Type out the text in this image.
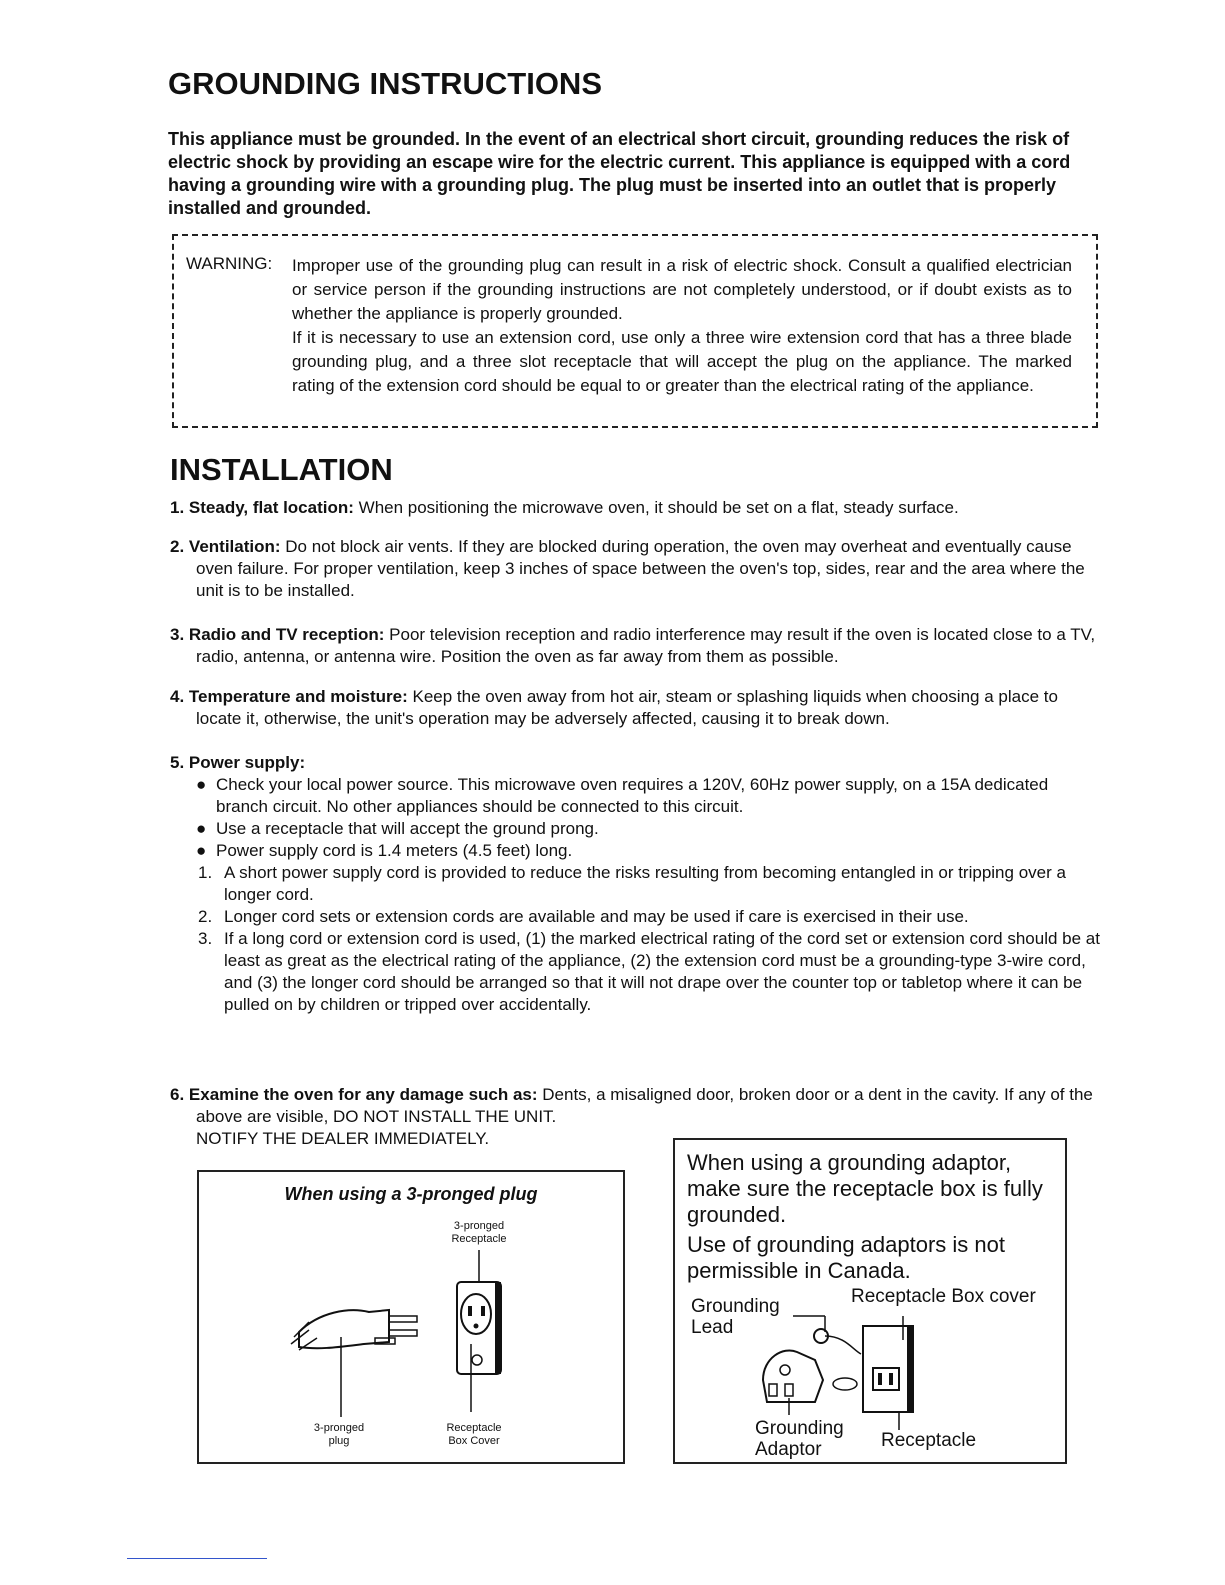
GROUNDING INSTRUCTIONS

This appliance must be grounded. In the event of an electrical short circuit, grounding reduces the risk of electric shock by providing an escape wire for the electric current. This appliance is equipped with a cord having a grounding wire with a grounding plug. The plug must be inserted into an outlet that is properly installed and grounded.

WARNING: Improper use of the grounding plug can result in a risk of electric shock. Consult a qualified electrician or service person if the grounding instructions are not completely understood, or if doubt exists as to whether the appliance is properly grounded.

If it is necessary to use an extension cord, use only a three wire extension cord that has a three blade grounding plug, and a three slot receptacle that will accept the plug on the appliance. The marked rating of the extension cord should be equal to or greater than the electrical rating of the appliance.

INSTALLATION

1. Steady, flat location: When positioning the microwave oven, it should be set on a flat, steady surface.

2. Ventilation: Do not block air vents. If they are blocked during operation, the oven may overheat and eventually cause oven failure. For proper ventilation, keep 3 inches of space between the oven's top, sides, rear and the area where the unit is to be installed.

3. Radio and TV reception: Poor television reception and radio interference may result if the oven is located close to a TV, radio, antenna, or antenna wire. Position the oven as far away from them as possible.

4. Temperature and moisture: Keep the oven away from hot air, steam or splashing liquids when choosing a place to locate it, otherwise, the unit's operation may be adversely affected, causing it to break down.

5. Power supply:

● Check your local power source. This microwave oven requires a 120V, 60Hz power supply, on a 15A dedicated branch circuit. No other appliances should be connected to this circuit.
● Use a receptacle that will accept the ground prong.
● Power supply cord is 1.4 meters (4.5 feet) long.
1. A short power supply cord is provided to reduce the risks resulting from becoming entangled in or tripping over a longer cord.
2. Longer cord sets or extension cords are available and may be used if care is exercised in their use.
3. If a long cord or extension cord is used, (1) the marked electrical rating of the cord set or extension cord should be at least as great as the electrical rating of the appliance, (2) the extension cord must be a grounding-type 3-wire cord, and (3) the longer cord should be arranged so that it will not drape over the counter top or tabletop where it can be pulled on by children or tripped over accidentally.

6. Examine the oven for any damage such as: Dents, a misaligned door, broken door or a dent in the cavity. If any of the above are visible, DO NOT INSTALL THE UNIT.

NOTIFY THE DEALER IMMEDIATELY.

When using a 3-pronged plug
3-pronged
Receptacle
3-pronged
plug
Receptacle
Box Cover

When using a grounding adaptor, make sure the receptacle box is fully grounded.

Use of grounding adaptors is not permissible in Canada.

Grounding
Lead
Receptacle Box cover
Grounding
Adaptor	Receptacle
